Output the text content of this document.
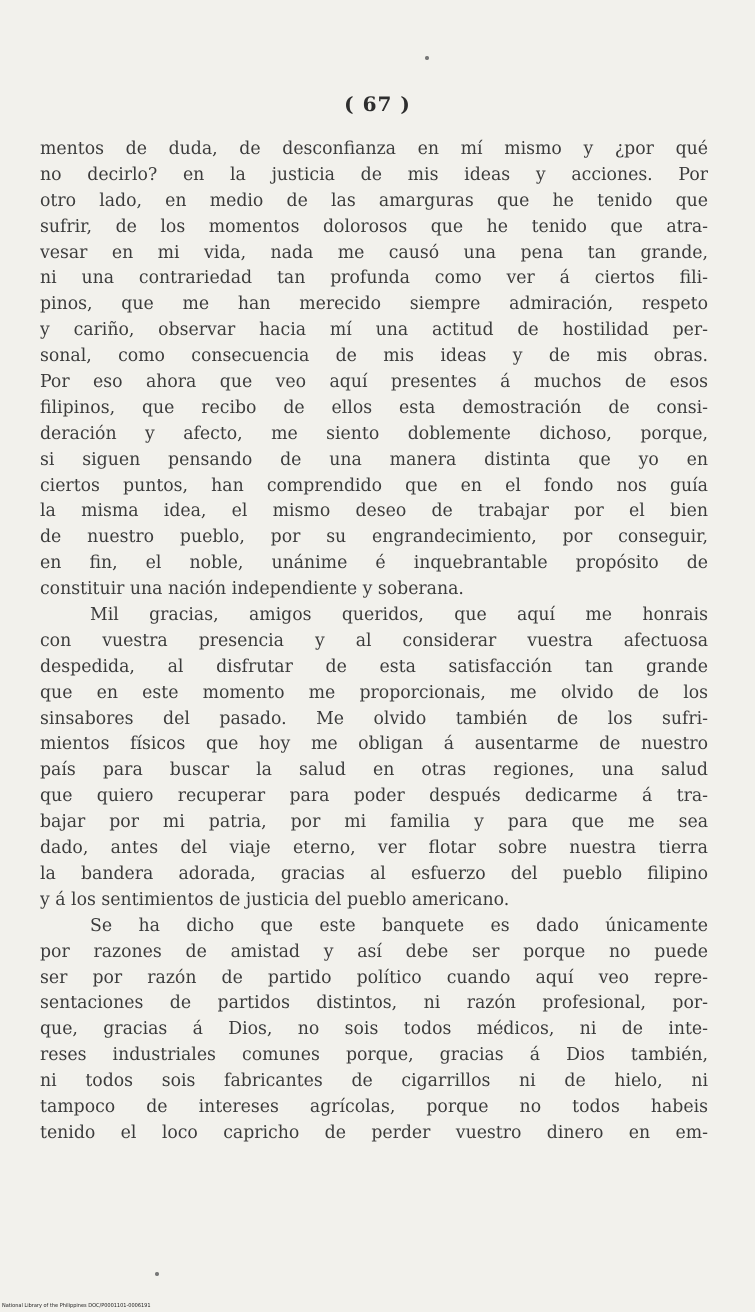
( 67 )
mentos de duda, de desconfianza en mí mismo y ¿por qué
no decirlo? en la justicia de mis ideas y acciones. Por
otro lado, en medio de las amarguras que he tenido que
sufrir, de los momentos dolorosos que he tenido que atra-
vesar en mi vida, nada me causó una pena tan grande,
ni una contrariedad tan profunda como ver á ciertos fili-
pinos, que me han merecido siempre admiración, respeto
y cariño, observar hacia mí una actitud de hostilidad per-
sonal, como consecuencia de mis ideas y de mis obras.
Por eso ahora que veo aquí presentes á muchos de esos
filipinos, que recibo de ellos esta demostración de consi-
deración y afecto, me siento doblemente dichoso, porque,
si siguen pensando de una manera distinta que yo en
ciertos puntos, han comprendido que en el fondo nos guía
la misma idea, el mismo deseo de trabajar por el bien
de nuestro pueblo, por su engrandecimiento, por conseguir,
en fin, el noble, unánime é inquebrantable propósito de
constituir una nación independiente y soberana.
Mil gracias, amigos queridos, que aquí me honrais
con vuestra presencia y al considerar vuestra afectuosa
despedida, al disfrutar de esta satisfacción tan grande
que en este momento me proporcionais, me olvido de los
sinsabores del pasado. Me olvido también de los sufri-
mientos físicos que hoy me obligan á ausentarme de nuestro
país para buscar la salud en otras regiones, una salud
que quiero recuperar para poder después dedicarme á tra-
bajar por mi patria, por mi familia y para que me sea
dado, antes del viaje eterno, ver flotar sobre nuestra tierra
la bandera adorada, gracias al esfuerzo del pueblo filipino
y á los sentimientos de justicia del pueblo americano.
Se ha dicho que este banquete es dado únicamente
por razones de amistad y así debe ser porque no puede
ser por razón de partido político cuando aquí veo repre-
sentaciones de partidos distintos, ni razón profesional, por-
que, gracias á Dios, no sois todos médicos, ni de inte-
reses industriales comunes porque, gracias á Dios también,
ni todos sois fabricantes de cigarrillos ni de hielo, ni
tampoco de intereses agrícolas, porque no todos habeis
tenido el loco capricho de perder vuestro dinero en em-
National Library of the Philippines DOC/P0001101-0006191
